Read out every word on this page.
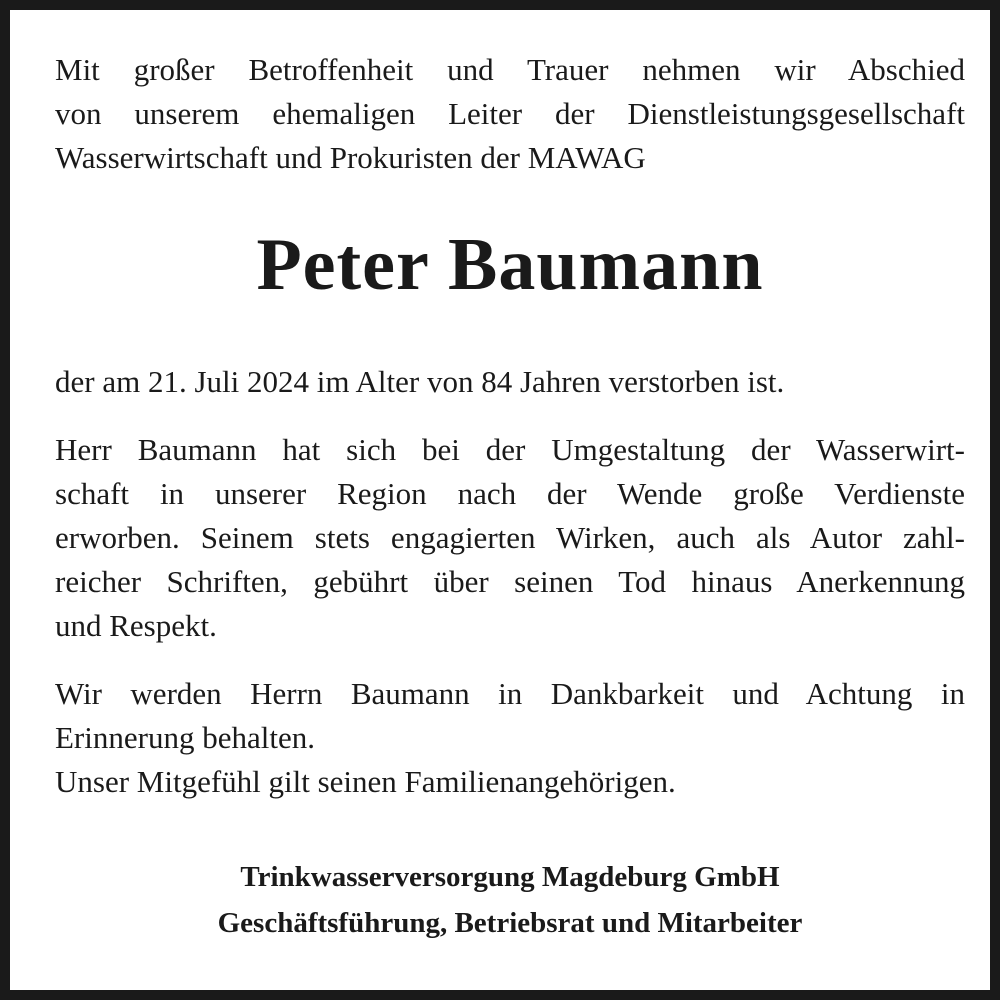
Mit großer Betroffenheit und Trauer nehmen wir Abschied
von unserem ehemaligen Leiter der Dienstleistungsgesellschaft
Wasserwirtschaft und Prokuristen der MAWAG

Peter Baumann

der am 21. Juli 2024 im Alter von 84 Jahren verstorben ist.

Herr Baumann hat sich bei der Umgestaltung der Wasserwirt-
schaft in unserer Region nach der Wende große Verdienste
erworben. Seinem stets engagierten Wirken, auch als Autor zahl-
reicher Schriften, gebührt über seinen Tod hinaus Anerkennung
und Respekt.

Wir werden Herrn Baumann in Dankbarkeit und Achtung in
Erinnerung behalten.
Unser Mitgefühl gilt seinen Familienangehörigen.

Trinkwasserversorgung Magdeburg GmbH
Geschäftsführung, Betriebsrat und Mitarbeiter
